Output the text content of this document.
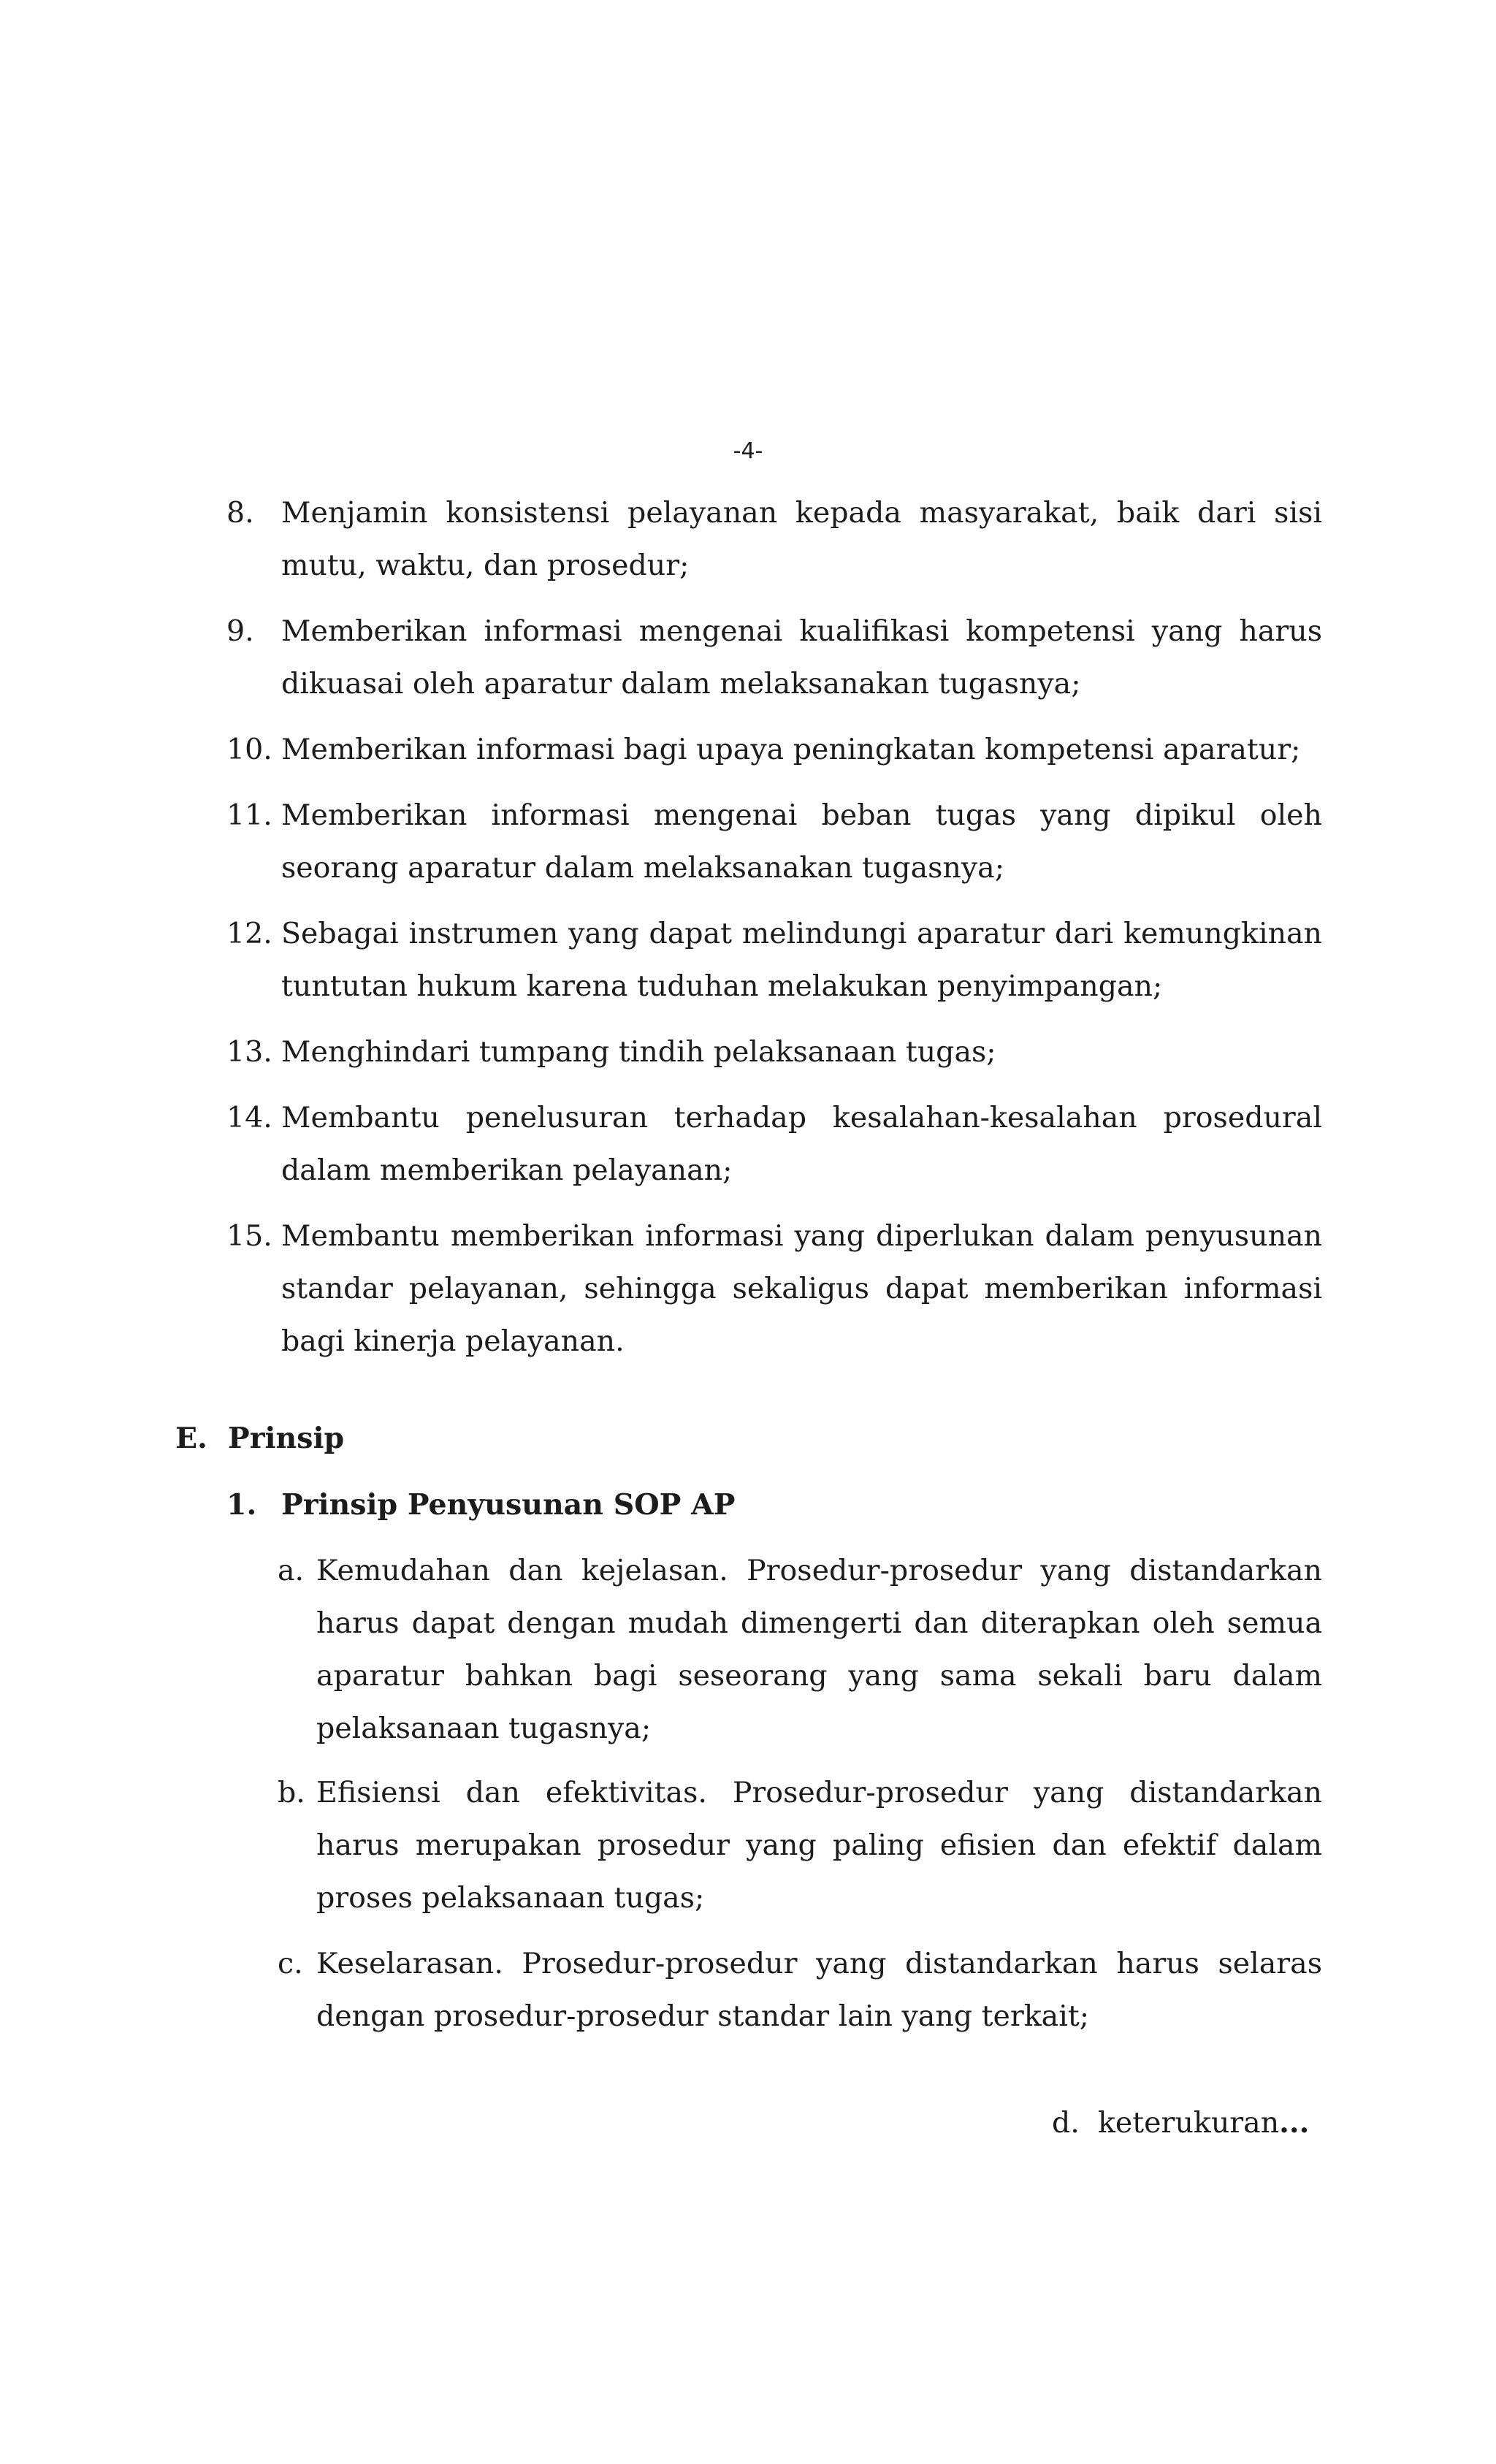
-4-
8. Menjamin konsistensi pelayanan kepada masyarakat, baik dari sisi mutu, waktu, dan prosedur;
9. Memberikan informasi mengenai kualifikasi kompetensi yang harus dikuasai oleh aparatur dalam melaksanakan tugasnya;
10. Memberikan informasi bagi upaya peningkatan kompetensi aparatur;
11. Memberikan informasi mengenai beban tugas yang dipikul oleh seorang aparatur dalam melaksanakan tugasnya;
12. Sebagai instrumen yang dapat melindungi aparatur dari kemungkinan tuntutan hukum karena tuduhan melakukan penyimpangan;
13. Menghindari tumpang tindih pelaksanaan tugas;
14. Membantu penelusuran terhadap kesalahan-kesalahan prosedural dalam memberikan pelayanan;
15. Membantu memberikan informasi yang diperlukan dalam penyusunan standar pelayanan, sehingga sekaligus dapat memberikan informasi bagi kinerja pelayanan.
E. Prinsip
1. Prinsip Penyusunan SOP AP
a. Kemudahan dan kejelasan. Prosedur-prosedur yang distandarkan harus dapat dengan mudah dimengerti dan diterapkan oleh semua aparatur bahkan bagi seseorang yang sama sekali baru dalam pelaksanaan tugasnya;
b. Efisiensi dan efektivitas. Prosedur-prosedur yang distandarkan harus merupakan prosedur yang paling efisien dan efektif dalam proses pelaksanaan tugas;
c. Keselarasan. Prosedur-prosedur yang distandarkan harus selaras dengan prosedur-prosedur standar lain yang terkait;
d. keterukuran...
